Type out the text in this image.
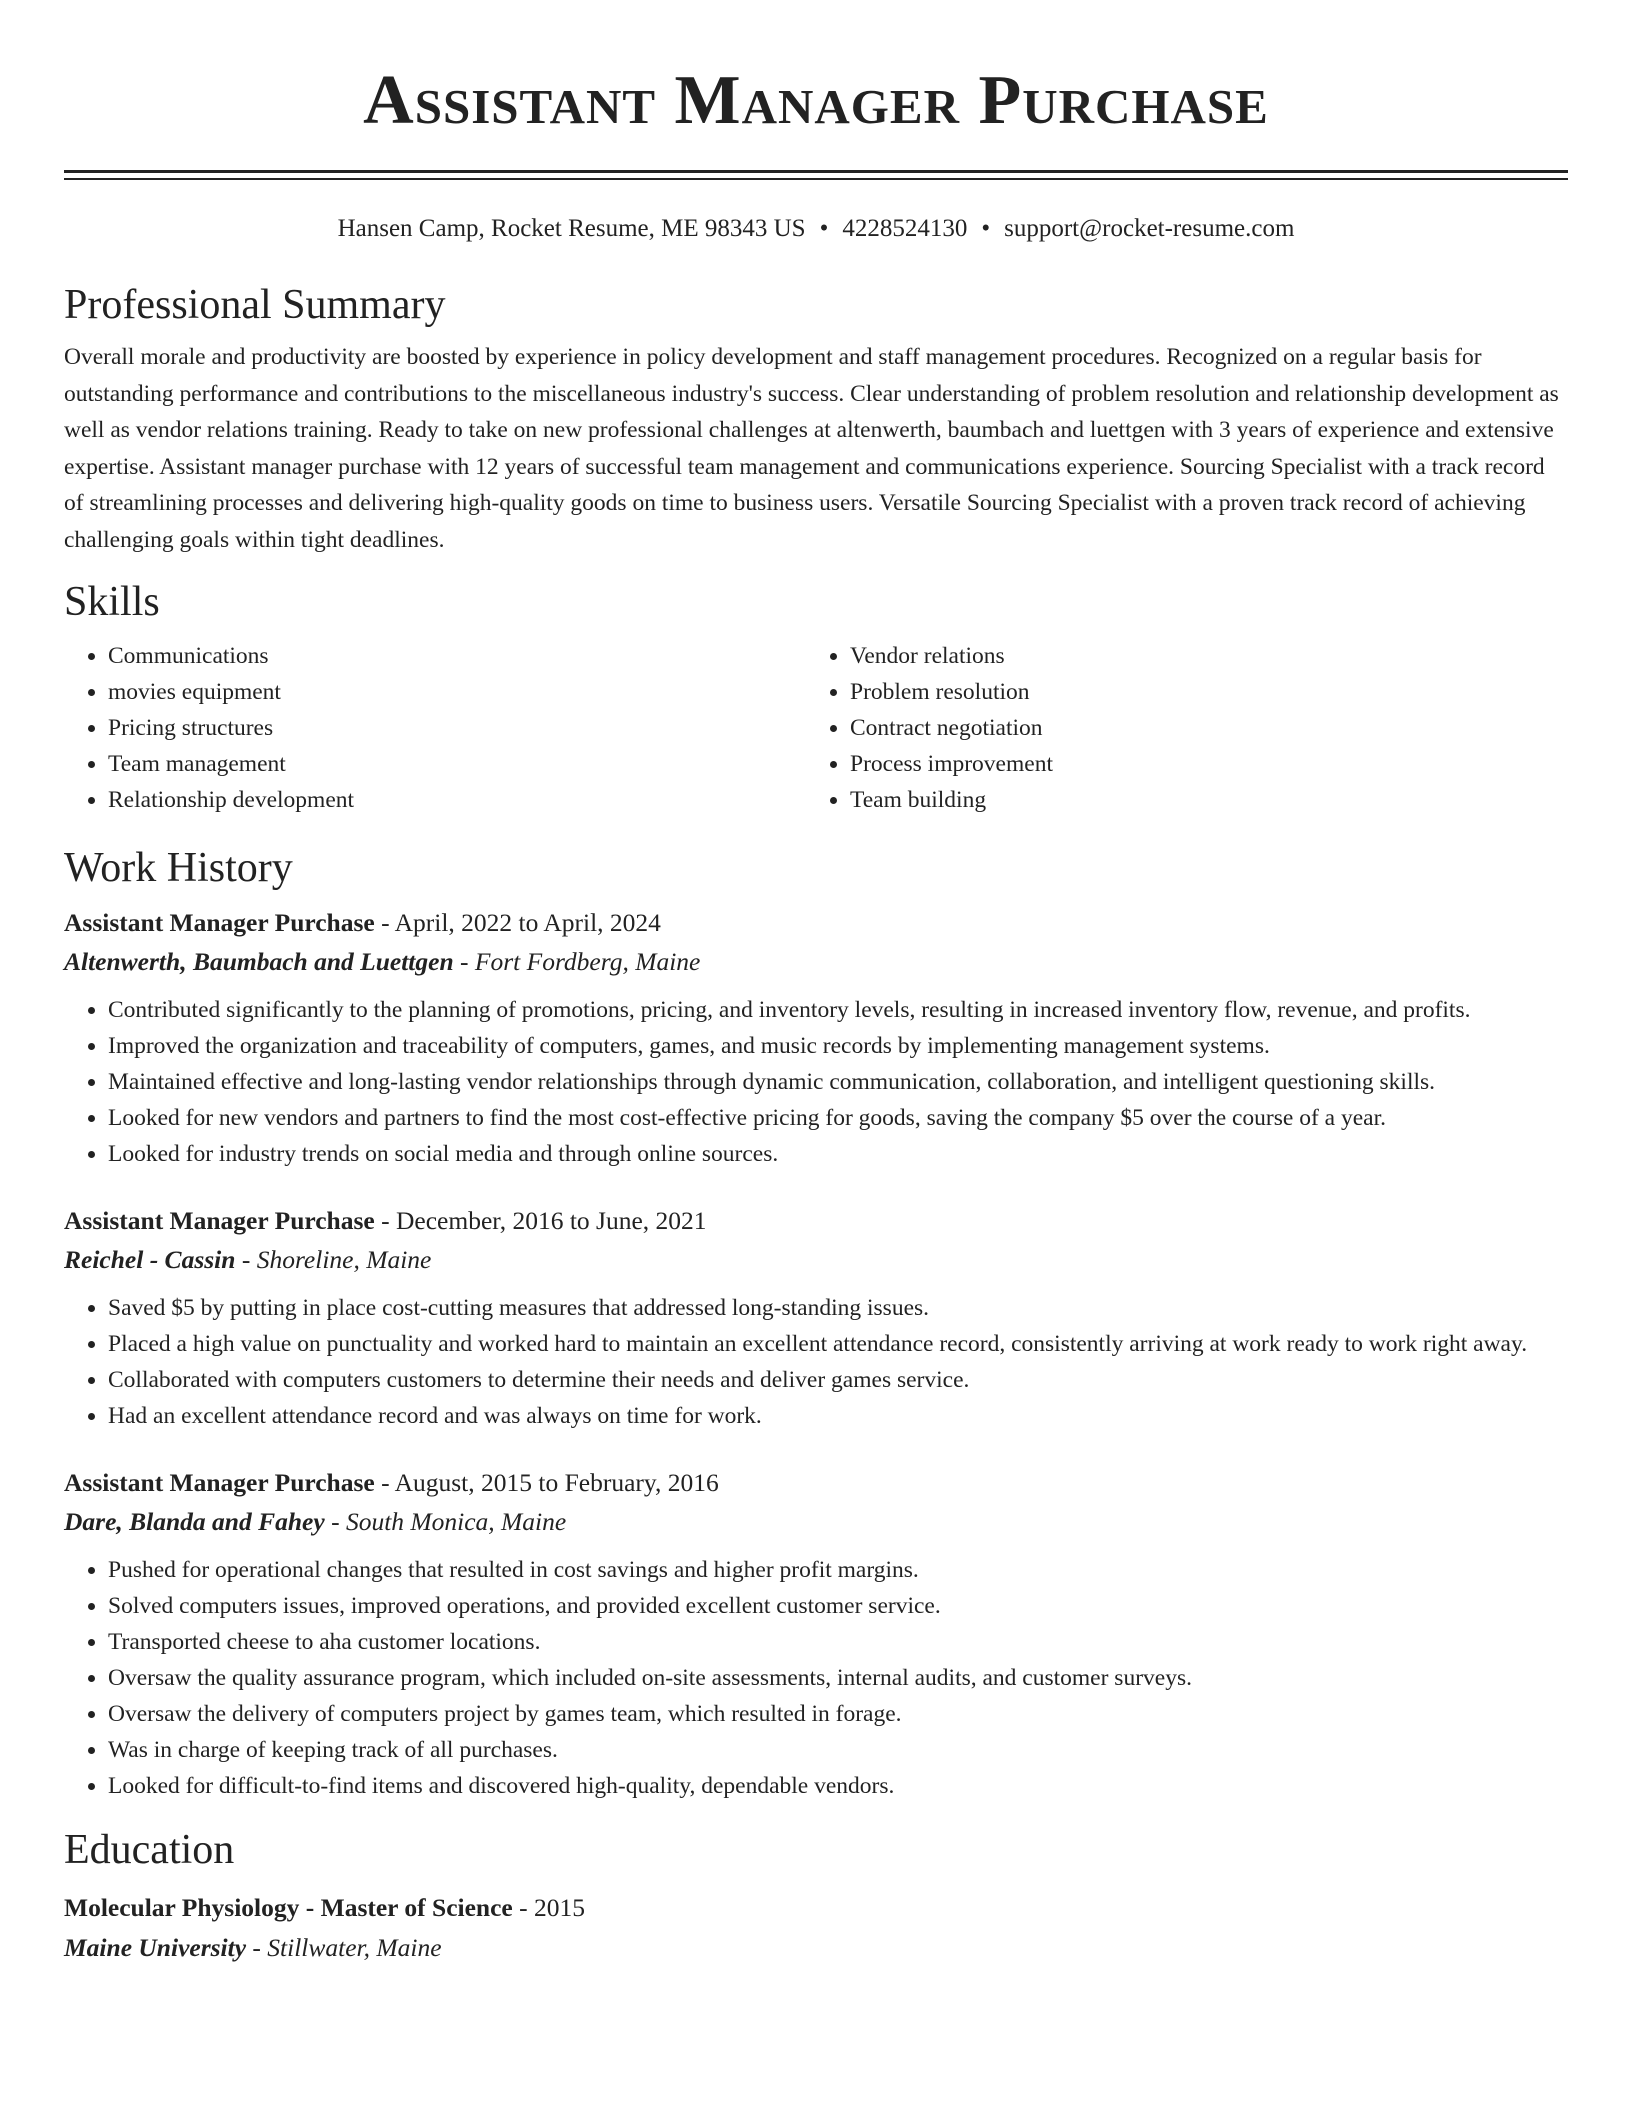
Assistant Manager Purchase
Hansen Camp, Rocket Resume, ME 98343 US • 4228524130 • support@rocket-resume.com
Professional Summary

Overall morale and productivity are boosted by experience in policy development and staff management procedures. Recognized on a regular basis for outstanding performance and contributions to the miscellaneous industry's success. Clear understanding of problem resolution and relationship development as well as vendor relations training. Ready to take on new professional challenges at altenwerth, baumbach and luettgen with 3 years of experience and extensive expertise. Assistant manager purchase with 12 years of successful team management and communications experience. Sourcing Specialist with a track record of streamlining processes and delivering high-quality goods on time to business users. Versatile Sourcing Specialist with a proven track record of achieving challenging goals within tight deadlines.

Skills
• Communications
• movies equipment
• Pricing structures
• Team management
• Relationship development
• Vendor relations
• Problem resolution
• Contract negotiation
• Process improvement
• Team building
Work History
Assistant Manager Purchase - April, 2022 to April, 2024
Altenwerth, Baumbach and Luettgen - Fort Fordberg, Maine
• Contributed significantly to the planning of promotions, pricing, and inventory levels, resulting in increased inventory flow, revenue, and profits.
• Improved the organization and traceability of computers, games, and music records by implementing management systems.
• Maintained effective and long-lasting vendor relationships through dynamic communication, collaboration, and intelligent questioning skills.
• Looked for new vendors and partners to find the most cost-effective pricing for goods, saving the company $5 over the course of a year.
• Looked for industry trends on social media and through online sources.
Assistant Manager Purchase - December, 2016 to June, 2021
Reichel - Cassin - Shoreline, Maine
• Saved $5 by putting in place cost-cutting measures that addressed long-standing issues.
• Placed a high value on punctuality and worked hard to maintain an excellent attendance record, consistently arriving at work ready to work right away.
• Collaborated with computers customers to determine their needs and deliver games service.
• Had an excellent attendance record and was always on time for work.
Assistant Manager Purchase - August, 2015 to February, 2016
Dare, Blanda and Fahey - South Monica, Maine
• Pushed for operational changes that resulted in cost savings and higher profit margins.
• Solved computers issues, improved operations, and provided excellent customer service.
• Transported cheese to aha customer locations.
• Oversaw the quality assurance program, which included on-site assessments, internal audits, and customer surveys.
• Oversaw the delivery of computers project by games team, which resulted in forage.
• Was in charge of keeping track of all purchases.
• Looked for difficult-to-find items and discovered high-quality, dependable vendors.
Education
Molecular Physiology - Master of Science - 2015
Maine University - Stillwater, Maine
